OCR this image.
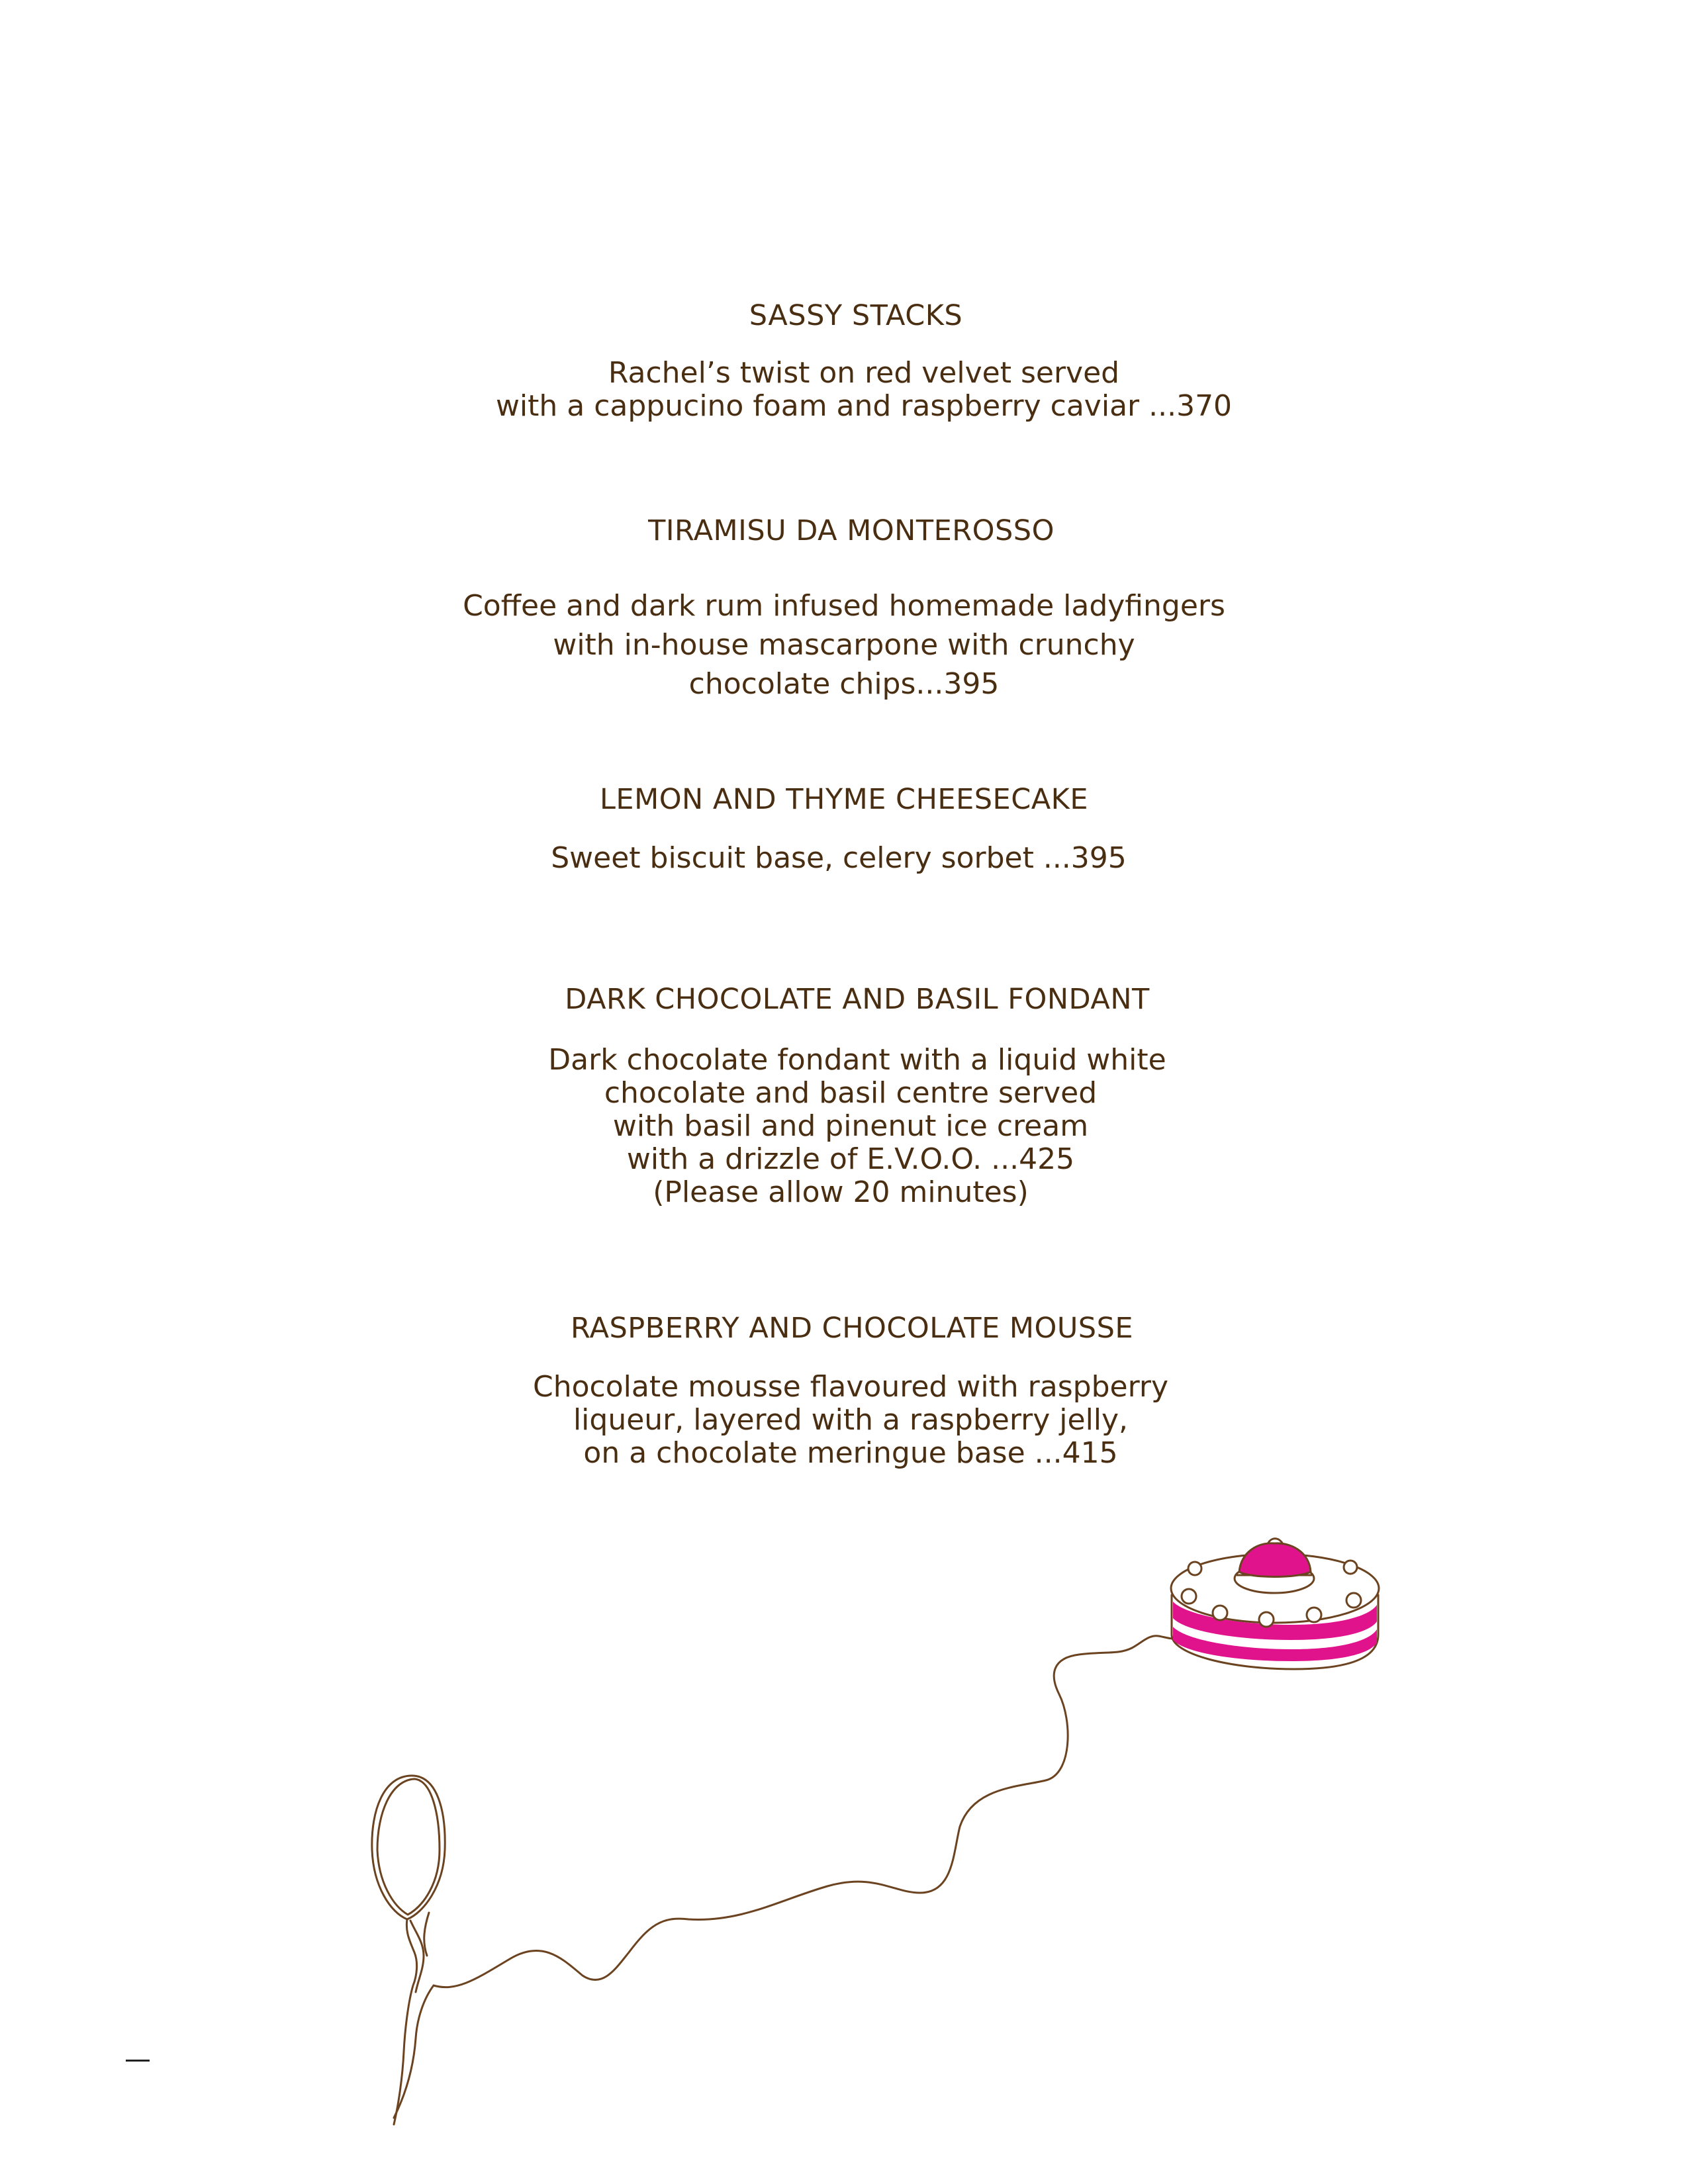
SASSY STACKS
Rachel’s twist on red velvet served
with a cappucino foam and raspberry caviar ...370
TIRAMISU DA MONTEROSSO
Coffee and dark rum infused homemade ladyfingers
with in-house mascarpone with crunchy
chocolate chips...395
LEMON AND THYME CHEESECAKE
Sweet biscuit base, celery sorbet ...395
DARK CHOCOLATE AND BASIL FONDANT
Dark chocolate fondant with a liquid white
chocolate and basil centre served
with basil and pinenut ice cream
with a drizzle of E.V.O.O. ...425
(Please allow 20 minutes)
RASPBERRY AND CHOCOLATE MOUSSE
Chocolate mousse flavoured with raspberry
liqueur, layered with a raspberry jelly,
on a chocolate meringue base ...415
